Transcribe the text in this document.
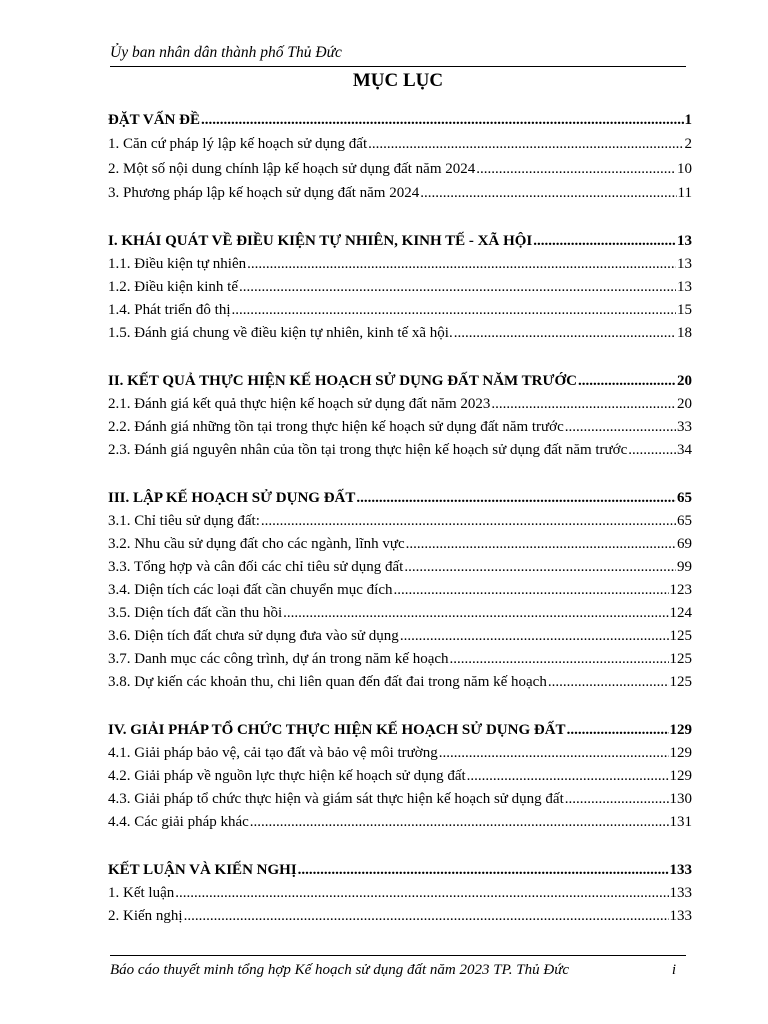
Ủy ban nhân dân thành phố Thủ Đức
MỤC LỤC
ĐẶT VẤN ĐỀ .....	1
1. Căn cứ pháp lý lập kế hoạch sử dụng đất .....	2
2. Một số nội dung chính lập kế hoạch sử dụng đất năm 2024 .....	10
3. Phương pháp lập kế hoạch sử dụng đất năm 2024 .....	11
I. KHÁI QUÁT VỀ ĐIỀU KIỆN TỰ NHIÊN, KINH TẾ - XÃ HỘI .....	13
1.1. Điều kiện tự nhiên .....	13
1.2. Điều kiện kinh tế .....	13
1.4. Phát triển đô thị .....	15
1.5. Đánh giá chung về điều kiện tự nhiên, kinh tế xã hội. .....	18
II. KẾT QUẢ THỰC HIỆN KẾ HOẠCH SỬ DỤNG ĐẤT NĂM TRƯỚC .....	20
2.1. Đánh giá kết quả thực hiện kế hoạch sử dụng đất năm 2023 .....	20
2.2. Đánh giá những tồn tại trong thực hiện kế hoạch sử dụng đất năm trước .....	33
2.3. Đánh giá nguyên nhân của tồn tại trong thực hiện kế hoạch sử dụng đất năm trước .....	34
III. LẬP KẾ HOẠCH SỬ DỤNG ĐẤT .....	65
3.1. Chỉ tiêu sử dụng đất: .....	65
3.2. Nhu cầu sử dụng đất cho các ngành, lĩnh vực .....	69
3.3. Tổng hợp và cân đối các chỉ tiêu sử dụng đất .....	99
3.4. Diện tích các loại đất cần chuyển mục đích .....	123
3.5. Diện tích đất cần thu hồi .....	124
3.6. Diện tích đất chưa sử dụng đưa vào sử dụng .....	125
3.7. Danh mục các công trình, dự án trong năm kế hoạch .....	125
3.8. Dự kiến các khoản thu, chi liên quan đến đất đai trong năm kế hoạch .....	125
IV. GIẢI PHÁP TỔ CHỨC THỰC HIỆN KẾ HOẠCH SỬ DỤNG ĐẤT .....	129
4.1. Giải pháp bảo vệ, cải tạo đất và bảo vệ môi trường .....	129
4.2. Giải pháp về nguồn lực thực hiện kế hoạch sử dụng đất .....	129
4.3. Giải pháp tổ chức thực hiện và giám sát thực hiện kế hoạch sử dụng đất .....	130
4.4. Các giải pháp khác .....	131
KẾT LUẬN VÀ KIẾN NGHỊ .....	133
1. Kết luận .....	133
2. Kiến nghị .....	133
Báo cáo thuyết minh tổng hợp Kế hoạch sử dụng đất năm 2023 TP. Thủ Đức	i
